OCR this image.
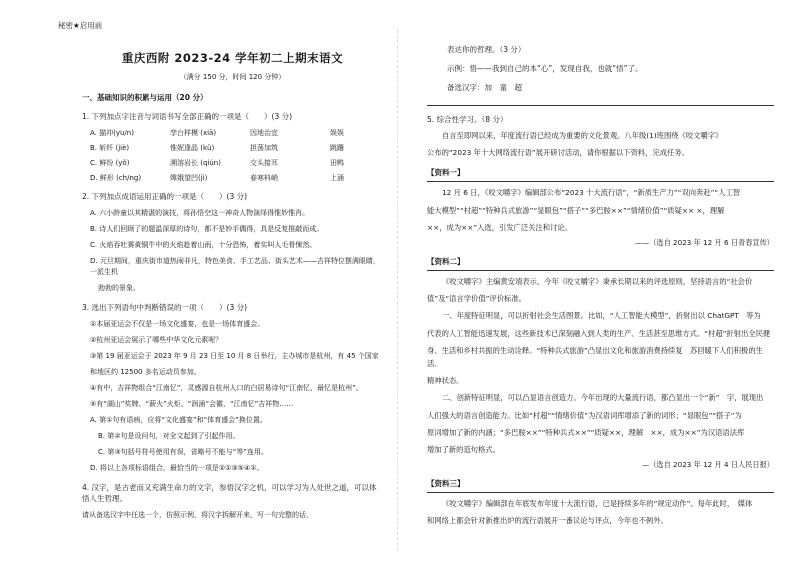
秘密★启用前
重庆西附 2023-24 学年初二上期末语文
（满分 150 分，时间 120 分钟）
一、基础知识的积累与运用（20 分）
1. 下列加点字注音与词语书写全部正确的一项是（　　）(3 分)
A. 猫冲(yu/n)	孪台样模 (xiā)	因地治宜	娱娱
B. 斩纤 (jiè)	惟妮逢晶 (kǔ)	担荡加筑	跳跚
C. 鲜纷 (yǒ)	溯溶岩长 (qiún)	交头接耳	田鸭
D. 鲜形 (ch/ng)	嫦娥望凹(jì)	春寒料峭	上涌
2. 下列加点成语运用正确的一项是（　　）(3 分)
A. 六小龄童以其精湛的演技，将孙悟空这一神奇人物演绎得惟妙惟肖。
B. 诗人们回顾了的题温深厚的诗句，都不是妙手偶得，具是反复推敲而成。
C. 火焰吞吐赛黄铜牛中的火焰趁着山雨，十分恐怖，着实叫人毛骨悚然。
D. 元旦期间，重庆街市道热闹非凡，特色美食、手工艺品、街头艺术——吉祥特位摆满眼睛，一派生机
勃勃的景象。
3. 选出下列语句中判断错误的一项（　　）(3 分)
①本届亚运会不仅是一场文化盛宴，也是一场体育盛会。
②杭州亚运会展示了哪些中华文化元素呢？
③第 19 届亚运会于 2023 年 9 月 23 日至 10 月 8 日举行，主办城市是杭州，有 45 个国家
和地区约 12500 多名运动员参加。
④有中，吉祥物组合“江南忆”，灵感源自杭州人口的白居易诗句“江南忆，最忆是杭州”。
⑤有“湖山”奖牌、“薪火”火炬、“润涌”会徽、“江南忆”吉祥物……
A. 第①句有语病，应将“文化盛宴”和“体育盛会”换位置。
B. 第②句是设问句，对全文起到了引起作用。
C. 第③句括号符号使用有误，省略号不能与“等”连用。
D. 将以上各项标语组合，最恰当的一项是②①③⑤④①。
4. 汉字，是古老而又充满生命力的文字，参悟汉字之机，可以学习为人处世之道，可以体悟人生哲理。
请从备选汉字中任选一个，仿照示例，将汉字拆解开来，写一句完整的话，
表达你的哲理。（3 分）
示例：悟——我到自己的本“心”，发现自我，也就“悟”了。
备选汉字：加　童　超
5. 综合性学习。（8 分）
自言至即网以来，年度流行语已经成为重要的文化景观。八年级(1)班围绕《咬文嚼字》
公布的“2023 年十大网络流行语”展开研讨活动，请你根据以下资料，完成任务。
【资料一】
12 月 6 日，《咬文嚼字》编辑部公布“2023 十大流行语”，“新质生产力”“双向奔赴”“人工智
能大模型”“村超”“特种兵式旅游”“显眼包”“搭子”“多巴胺××”“情绪价值”“质疑×× ×，理解
××，成为××”入选，引发广泛关注和讨论。
——（选自 2023 年 12 月 6 日青春宣传）
【资料二】
《咬文嚼字》主编黄安靖表示，今年《咬文嚼字》秉承长期以来的评选原则，坚持语言的“社会价
值”及“语言学价值”评价标准。
一、年度特征明显，可以折射社会生活图景。比如，“人工智能大模型”，折射出以 ChatGPT　等为
代表的人工智能迅速发展，这些新技术已深刻融入到人类的生产、生活甚至思维方式。“村超”折射出全民健
身、生活和乡村共振的生动诠释。“特种兵式旅游”凸显出文化和旅游消费持续复　苏回暖下人们积极的生活、
精神状态。
二、创新特征明显，可以凸显语言创造力。今年出现的大量流行语，都凸显出一个“新”　字，展现出
人们强大的语言创造能力。比如“村超”“情绪价值”为汉语词库增添了新的词形；“显眼包”“搭子”为
原词增加了新的内涵；“多巴胺××”“特种兵式××”“质疑××，理解　××，成为××”为汉语语法库
增加了新的造句格式。
—（选自 2023 年 12 月 4 日人民日报）
【资料三】
《咬文嚼字》编辑部在年底发布年度十大流行语，已是持续多年的“规定动作”。每年此时，　媒体
和网络上都会针对新推出炉的流行语展开一番议论与评点，今年也不例外。
